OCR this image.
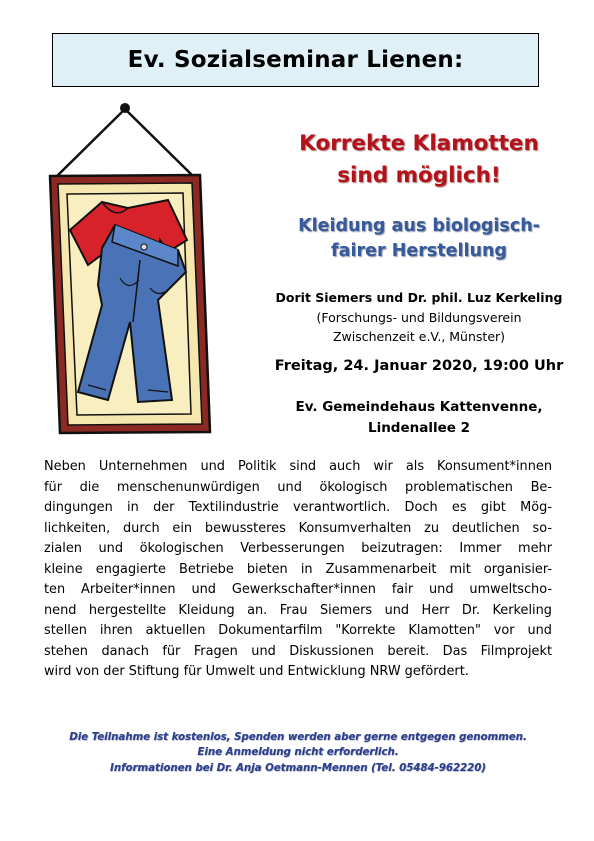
Ev. Sozialseminar Lienen:
Korrekte Klamotten
sind möglich!
Kleidung aus biologisch-
fairer Herstellung
Dorit Siemers und Dr. phil. Luz Kerkeling
(Forschungs- und Bildungsverein
Zwischenzeit e.V., Münster)
Freitag, 24. Januar 2020, 19:00 Uhr
Ev. Gemeindehaus Kattenvenne,
Lindenallee 2
Neben Unternehmen und Politik sind auch wir als Konsument*innen
für die menschenunwürdigen und ökologisch problematischen Be-
dingungen in der Textilindustrie verantwortlich. Doch es gibt Mög-
lichkeiten, durch ein bewussteres Konsumverhalten zu deutlichen so-
zialen und ökologischen Verbesserungen beizutragen: Immer mehr
kleine engagierte Betriebe bieten in Zusammenarbeit mit organisier-
ten Arbeiter*innen und Gewerkschafter*innen fair und umweltscho-
nend hergestellte Kleidung an. Frau Siemers und Herr Dr. Kerkeling
stellen ihren aktuellen Dokumentarfilm "Korrekte Klamotten" vor und
stehen danach für Fragen und Diskussionen bereit. Das Filmprojekt
wird von der Stiftung für Umwelt und Entwicklung NRW gefördert.
Die Teilnahme ist kostenlos, Spenden werden aber gerne entgegen genommen.
Eine Anmeldung nicht erforderlich.
Informationen bei Dr. Anja Oetmann-Mennen (Tel. 05484-962220)
